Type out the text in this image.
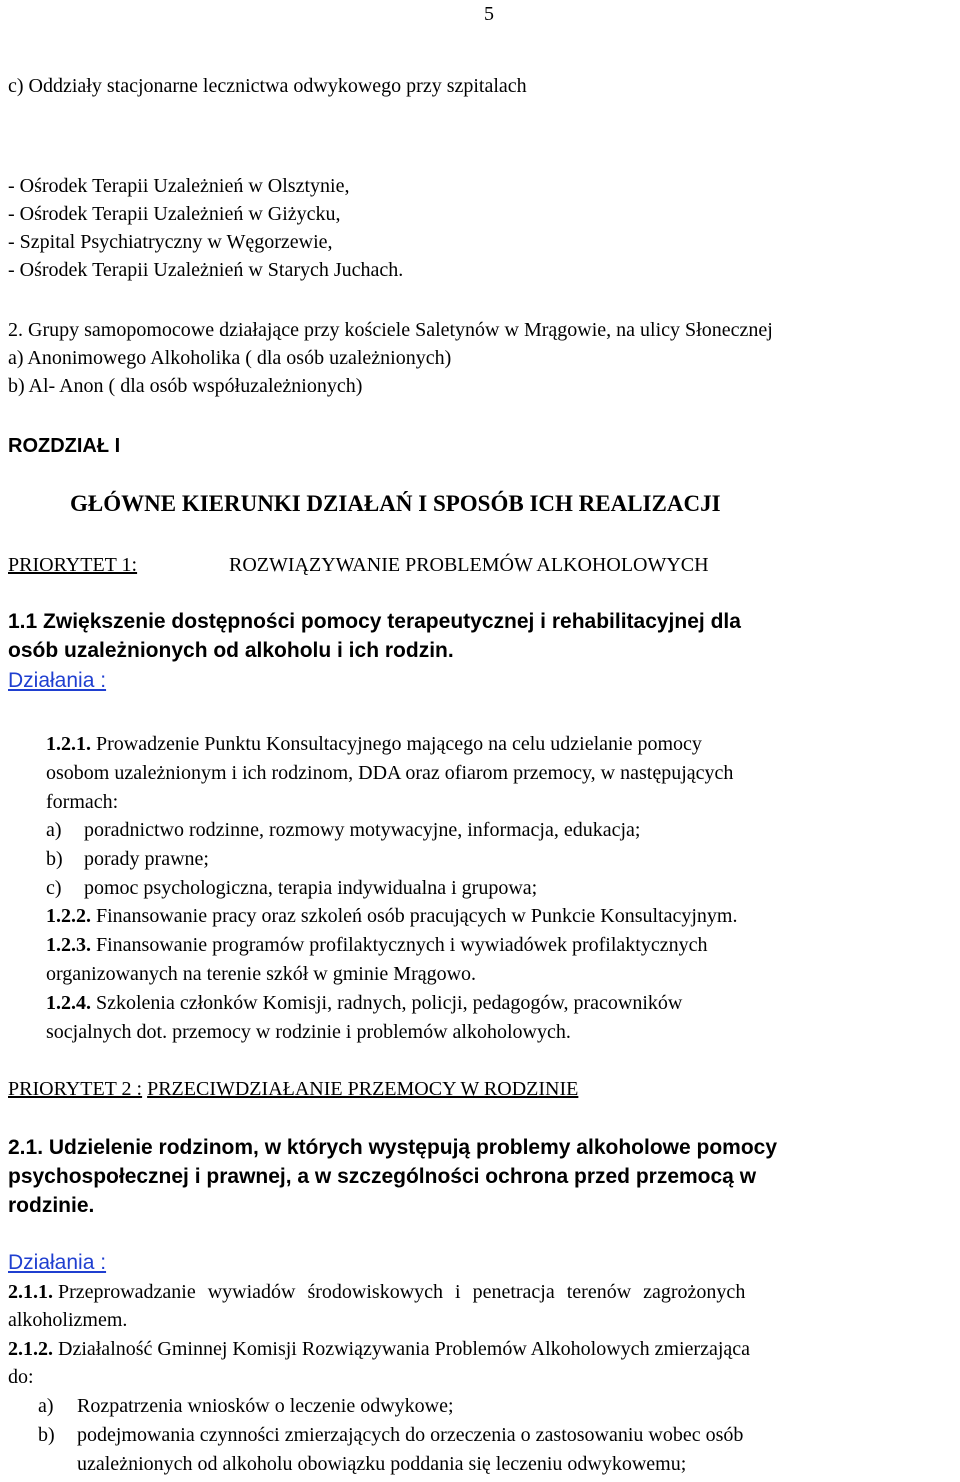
5
c) Oddziały stacjonarne lecznictwa odwykowego przy szpitalach
- Ośrodek Terapii Uzależnień w Olsztynie,
- Ośrodek Terapii Uzależnień w Giżycku,
- Szpital Psychiatryczny w Węgorzewie,
- Ośrodek Terapii Uzależnień w Starych Juchach.
2. Grupy samopomocowe działające przy kościele Saletynów w Mrągowie, na ulicy Słonecznej
a) Anonimowego Alkoholika ( dla osób uzależnionych)
b) Al- Anon ( dla osób współuzależnionych)
ROZDZIAŁ I
GŁÓWNE KIERUNKI DZIAŁAŃ I SPOSÓB ICH REALIZACJI
PRIORYTET 1:	ROZWIĄZYWANIE PROBLEMÓW ALKOHOLOWYCH
1.1 Zwiększenie dostępności pomocy terapeutycznej i rehabilitacyjnej dla
osób uzależnionych od alkoholu i ich rodzin.
Działania :
1.2.1. Prowadzenie Punktu Konsultacyjnego mającego na celu udzielanie pomocy
osobom uzależnionym i ich rodzinom, DDA oraz ofiarom przemocy, w następujących
formach:
a) poradnictwo rodzinne, rozmowy motywacyjne, informacja, edukacja;
b) porady prawne;
c) pomoc psychologiczna, terapia indywidualna i grupowa;
1.2.2. Finansowanie pracy oraz szkoleń osób pracujących w Punkcie Konsultacyjnym.
1.2.3. Finansowanie programów profilaktycznych i wywiadówek profilaktycznych
organizowanych na terenie szkół w gminie Mrągowo.
1.2.4. Szkolenia członków Komisji, radnych, policji, pedagogów, pracowników
socjalnych dot. przemocy w rodzinie i problemów alkoholowych.
PRIORYTET 2 : PRZECIWDZIAŁANIE PRZEMOCY W RODZINIE
2.1. Udzielenie rodzinom, w których występują problemy alkoholowe pomocy
psychospołecznej i prawnej, a w szczególności ochrona przed przemocą w
rodzinie.
Działania :
2.1.1. Przeprowadzanie wywiadów środowiskowych i penetracja terenów zagrożonych
alkoholizmem.
2.1.2. Działalność Gminnej Komisji Rozwiązywania Problemów Alkoholowych zmierzająca
do:
a) Rozpatrzenia wniosków o leczenie odwykowe;
b) podejmowania czynności zmierzających do orzeczenia o zastosowaniu wobec osób
uzależnionych od alkoholu obowiązku poddania się leczeniu odwykowemu;
